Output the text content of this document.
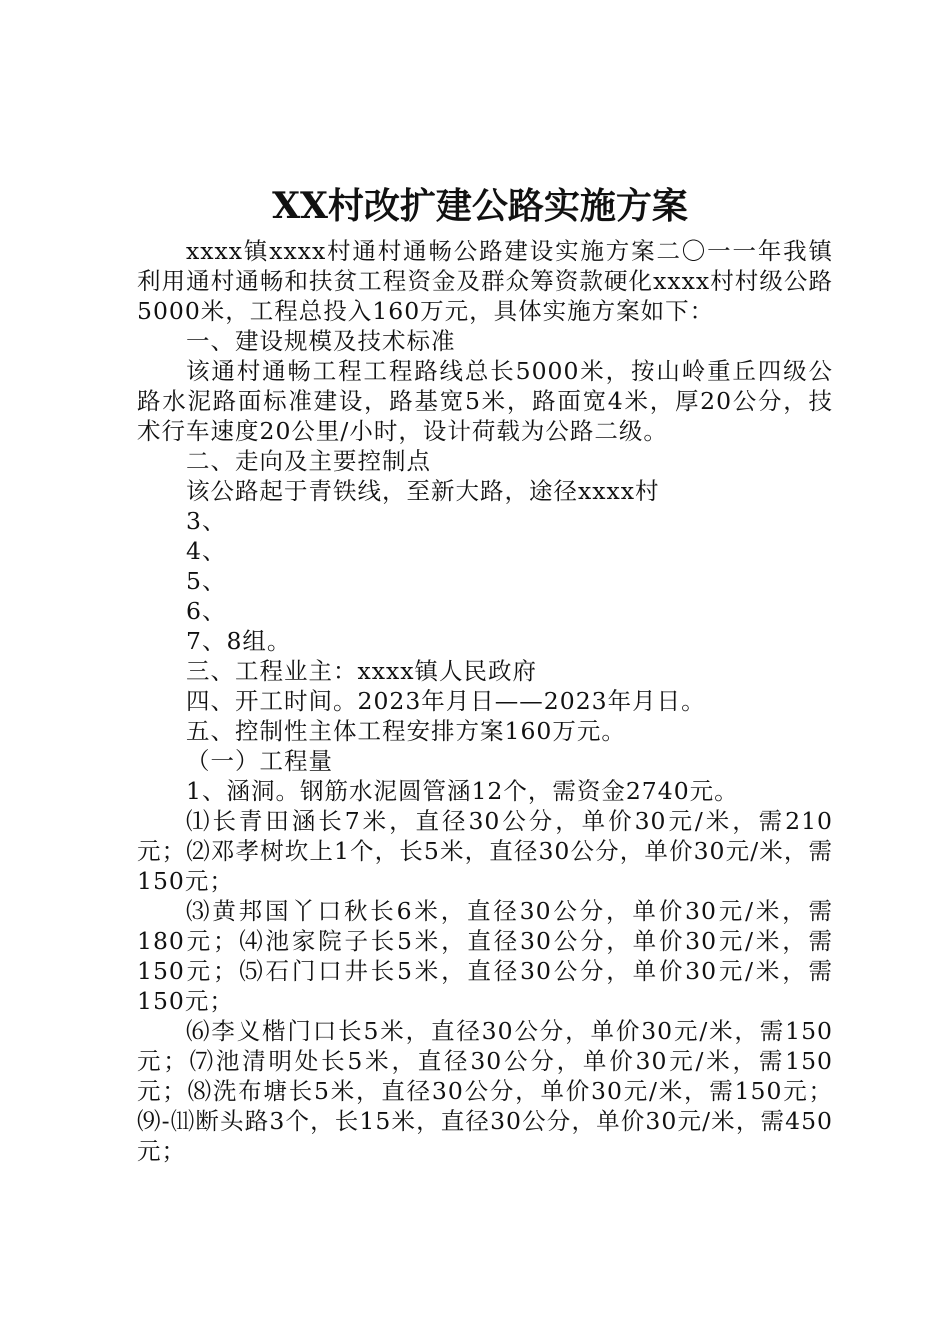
XX村改扩建公路实施方案

xxxx镇xxxx村通村通畅公路建设实施方案二〇一一年我镇利用通村通畅和扶贫工程资金及群众筹资款硬化xxxx村村级公路5000米，工程总投入160万元，具体实施方案如下：

一、建设规模及技术标准

该通村通畅工程工程路线总长5000米，按山岭重丘四级公路水泥路面标准建设，路基宽5米，路面宽4米，厚20公分，技术行车速度20公里/小时，设计荷载为公路二级。

二、走向及主要控制点

该公路起于青铁线，至新大路，途径xxxx村

3、

4、

5、

6、

7、8组。

三、工程业主：xxxx镇人民政府

四、开工时间。2023年月日——2023年月日。

五、控制性主体工程安排方案160万元。

（一）工程量

1、涵洞。钢筋水泥圆管涵12个，需资金2740元。

⑴长青田涵长7米，直径30公分，单价30元/米，需210元；⑵邓孝树坎上1个，长5米，直径30公分，单价30元/米，需150元；

⑶黄邦国丫口秋长6米，直径30公分，单价30元/米，需180元；⑷池家院子长5米，直径30公分，单价30元/米，需150元；⑸石门口井长5米，直径30公分，单价30元/米，需150元；

⑹李义楷门口长5米，直径30公分，单价30元/米，需150元；⑺池清明处长5米，直径30公分，单价30元/米，需150元；⑻洗布塘长5米，直径30公分，单价30元/米，需150元；⑼-⑾断头路3个，长15米，直径30公分，单价30元/米，需450元；
